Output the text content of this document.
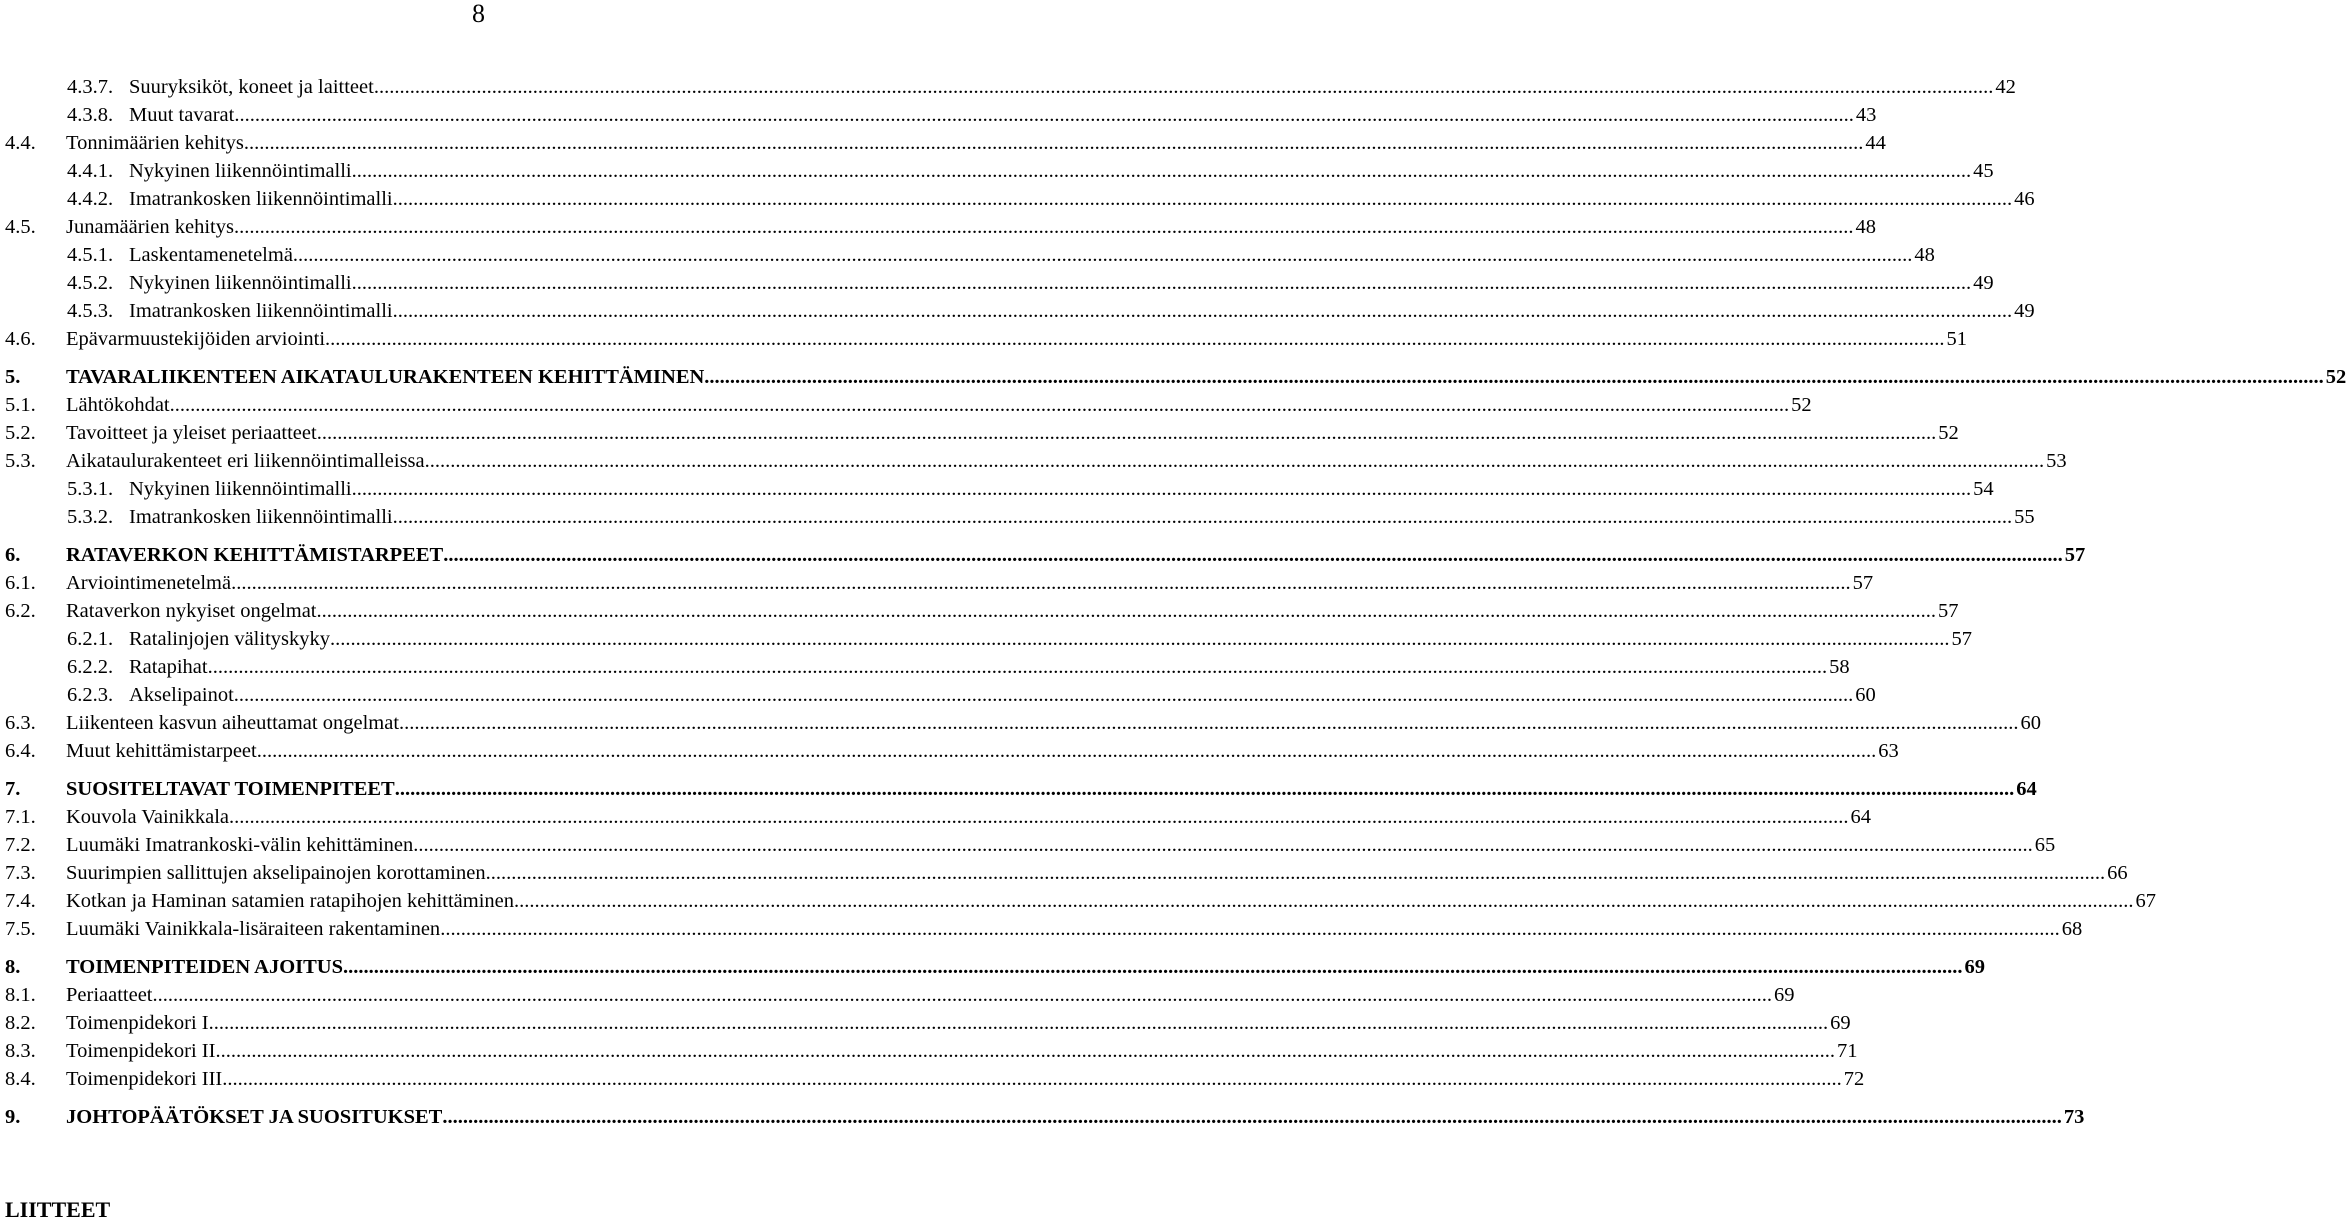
8
4.3.7. Suuryksiköt, koneet ja laitteet ............................................................................................................................................................................................................................................................................................................................ 42
4.3.8. Muut tavarat ............................................................................................................................................................................................................................................................................................................................ 43
4.4. Tonnimäärien kehitys ............................................................................................................................................................................................................................................................................................................................ 44
4.4.1. Nykyinen liikennöintimalli ............................................................................................................................................................................................................................................................................................................................ 45
4.4.2. Imatrankosken liikennöintimalli ............................................................................................................................................................................................................................................................................................................................ 46
4.5. Junamäärien kehitys ............................................................................................................................................................................................................................................................................................................................ 48
4.5.1. Laskentamenetelmä ............................................................................................................................................................................................................................................................................................................................ 48
4.5.2. Nykyinen liikennöintimalli ............................................................................................................................................................................................................................................................................................................................ 49
4.5.3. Imatrankosken liikennöintimalli ............................................................................................................................................................................................................................................................................................................................ 49
4.6. Epävarmuustekijöiden arviointi ............................................................................................................................................................................................................................................................................................................................ 51
5. TAVARALIIKENTEEN AIKATAULURAKENTEEN KEHITTÄMINEN ............................................................................................................................................................................................................................................................................................................................ 52
5.1. Lähtökohdat ............................................................................................................................................................................................................................................................................................................................ 52
5.2. Tavoitteet ja yleiset periaatteet ............................................................................................................................................................................................................................................................................................................................ 52
5.3. Aikataulurakenteet eri liikennöintimalleissa ............................................................................................................................................................................................................................................................................................................................ 53
5.3.1. Nykyinen liikennöintimalli ............................................................................................................................................................................................................................................................................................................................ 54
5.3.2. Imatrankosken liikennöintimalli ............................................................................................................................................................................................................................................................................................................................ 55
6. RATAVERKON KEHITTÄMISTARPEET ............................................................................................................................................................................................................................................................................................................................ 57
6.1. Arviointimenetelmä ............................................................................................................................................................................................................................................................................................................................ 57
6.2. Rataverkon nykyiset ongelmat ............................................................................................................................................................................................................................................................................................................................ 57
6.2.1. Ratalinjojen välityskyky ............................................................................................................................................................................................................................................................................................................................ 57
6.2.2. Ratapihat ............................................................................................................................................................................................................................................................................................................................ 58
6.2.3. Akselipainot ............................................................................................................................................................................................................................................................................................................................ 60
6.3. Liikenteen kasvun aiheuttamat ongelmat ............................................................................................................................................................................................................................................................................................................................ 60
6.4. Muut kehittämistarpeet ............................................................................................................................................................................................................................................................................................................................ 63
7. SUOSITELTAVAT TOIMENPITEET ............................................................................................................................................................................................................................................................................................................................ 64
7.1. Kouvola Vainikkala ............................................................................................................................................................................................................................................................................................................................ 64
7.2. Luumäki Imatrankoski-välin kehittäminen ............................................................................................................................................................................................................................................................................................................................ 65
7.3. Suurimpien sallittujen akselipainojen korottaminen ............................................................................................................................................................................................................................................................................................................................ 66
7.4. Kotkan ja Haminan satamien ratapihojen kehittäminen ............................................................................................................................................................................................................................................................................................................................ 67
7.5. Luumäki Vainikkala-lisäraiteen rakentaminen ............................................................................................................................................................................................................................................................................................................................ 68
8. TOIMENPITEIDEN AJOITUS ............................................................................................................................................................................................................................................................................................................................ 69
8.1. Periaatteet ............................................................................................................................................................................................................................................................................................................................ 69
8.2. Toimenpidekori I ............................................................................................................................................................................................................................................................................................................................ 69
8.3. Toimenpidekori II ............................................................................................................................................................................................................................................................................................................................ 71
8.4. Toimenpidekori III ............................................................................................................................................................................................................................................................................................................................ 72
9. JOHTOPÄÄTÖKSET JA SUOSITUKSET ............................................................................................................................................................................................................................................................................................................................ 73
LIITTEET
